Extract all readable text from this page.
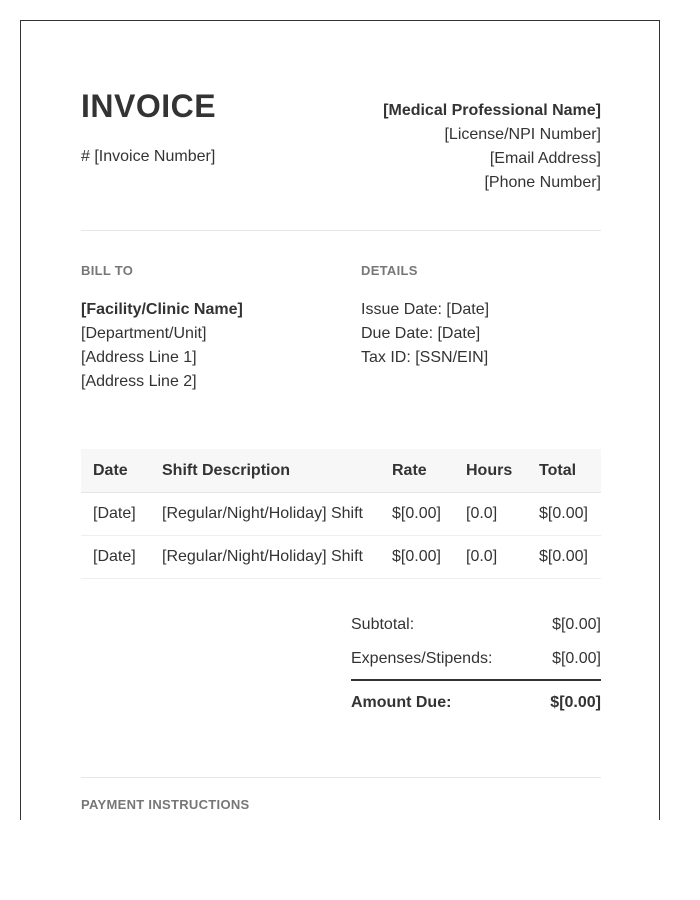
INVOICE
# [Invoice Number]
[Medical Professional Name]
[License/NPI Number]
[Email Address]
[Phone Number]
BILL TO
[Facility/Clinic Name]
[Department/Unit]
[Address Line 1]
[Address Line 2]
DETAILS
Issue Date: [Date]
Due Date: [Date]
Tax ID: [SSN/EIN]
Date	Shift Description	Rate	Hours	Total
[Date]	[Regular/Night/Holiday] Shift	$[0.00]	[0.0]	$[0.00]
[Date]	[Regular/Night/Holiday] Shift	$[0.00]	[0.0]	$[0.00]
Subtotal:	$[0.00]
Expenses/Stipends:	$[0.00]
Amount Due:	$[0.00]
PAYMENT INSTRUCTIONS
